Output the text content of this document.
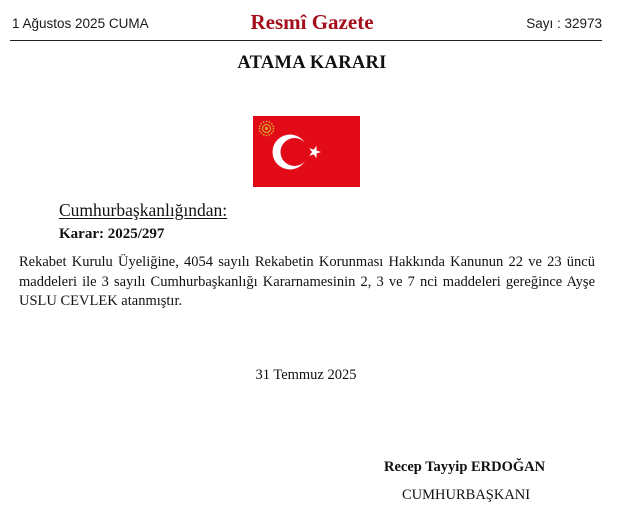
1 Ağustos 2025 CUMA	Resmî Gazete	Sayı : 32973
ATAMA KARARI
Cumhurbaşkanlığından:
Karar: 2025/297
Rekabet Kurulu Üyeliğine, 4054 sayılı Rekabetin Korunması Hakkında Kanunun 22 ve 23 üncü maddeleri ile 3 sayılı Cumhurbaşkanlığı Kararnamesinin 2, 3 ve 7 nci maddeleri gereğince Ayşe USLU CEVLEK atanmıştır.
31 Temmuz 2025
Recep Tayyip ERDOĞAN
CUMHURBAŞKANI
